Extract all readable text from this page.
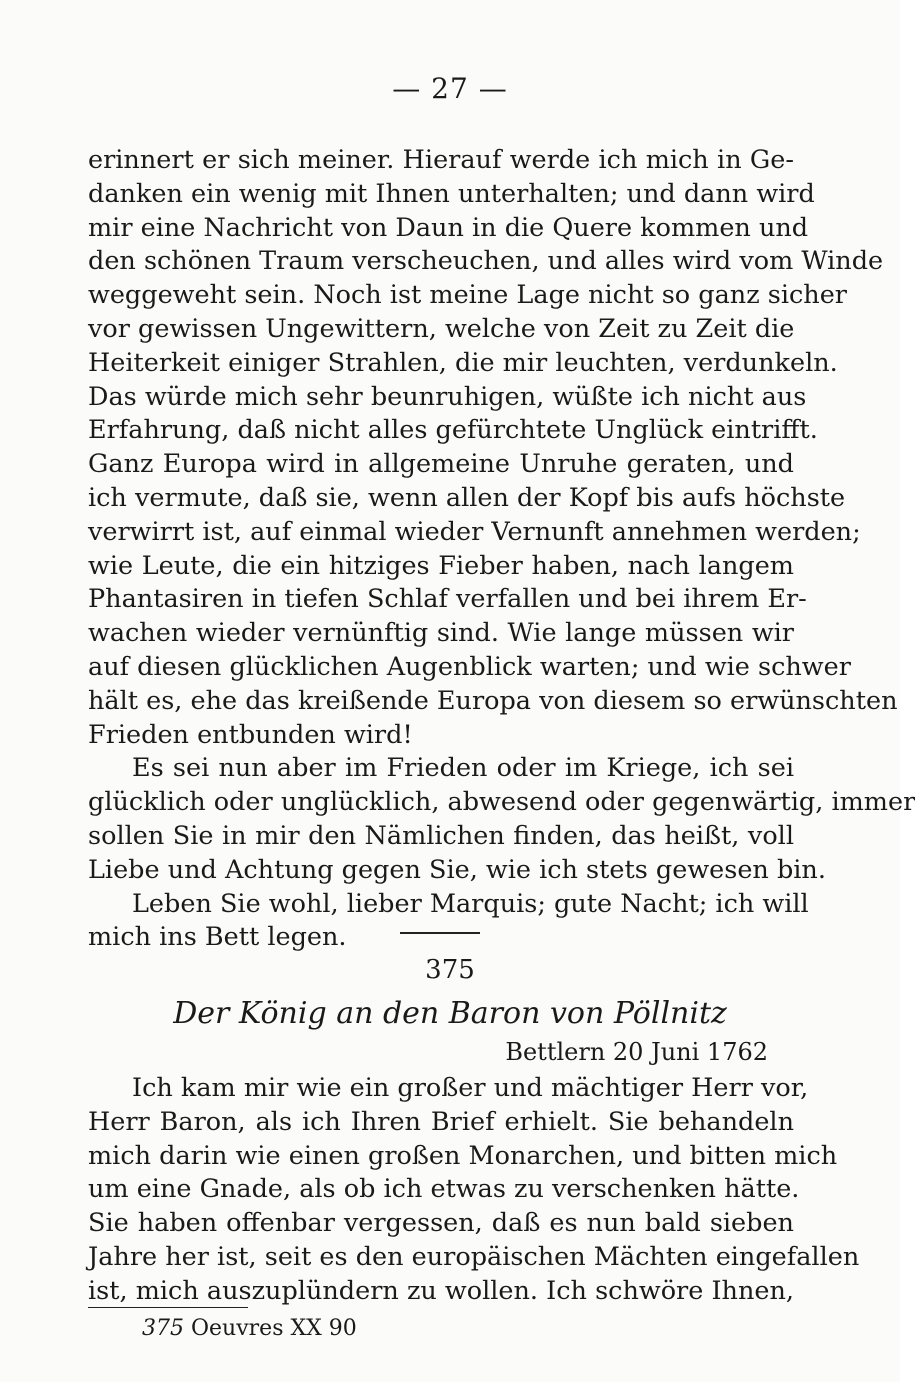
— 27 —
erinnert er sich meiner. Hierauf werde ich mich in Ge-
danken ein wenig mit Ihnen unterhalten; und dann wird
mir eine Nachricht von Daun in die Quere kommen und
den schönen Traum verscheuchen, und alles wird vom Winde
weggeweht sein. Noch ist meine Lage nicht so ganz sicher
vor gewissen Ungewittern, welche von Zeit zu Zeit die
Heiterkeit einiger Strahlen, die mir leuchten, verdunkeln.
Das würde mich sehr beunruhigen, wüßte ich nicht aus
Erfahrung, daß nicht alles gefürchtete Unglück eintrifft.
Ganz Europa wird in allgemeine Unruhe geraten, und
ich vermute, daß sie, wenn allen der Kopf bis aufs höchste
verwirrt ist, auf einmal wieder Vernunft annehmen werden;
wie Leute, die ein hitziges Fieber haben, nach langem
Phantasiren in tiefen Schlaf verfallen und bei ihrem Er-
wachen wieder vernünftig sind. Wie lange müssen wir
auf diesen glücklichen Augenblick warten; und wie schwer
hält es, ehe das kreißende Europa von diesem so erwünschten
Frieden entbunden wird!
Es sei nun aber im Frieden oder im Kriege, ich sei
glücklich oder unglücklich, abwesend oder gegenwärtig, immer
sollen Sie in mir den Nämlichen finden, das heißt, voll
Liebe und Achtung gegen Sie, wie ich stets gewesen bin.
Leben Sie wohl, lieber Marquis; gute Nacht; ich will
mich ins Bett legen.
375
Der König an den Baron von Pöllnitz
Bettlern 20 Juni 1762
Ich kam mir wie ein großer und mächtiger Herr vor,
Herr Baron, als ich Ihren Brief erhielt. Sie behandeln
mich darin wie einen großen Monarchen, und bitten mich
um eine Gnade, als ob ich etwas zu verschenken hätte.
Sie haben offenbar vergessen, daß es nun bald sieben
Jahre her ist, seit es den europäischen Mächten eingefallen
ist, mich auszuplündern zu wollen. Ich schwöre Ihnen,
375 Oeuvres XX 90
